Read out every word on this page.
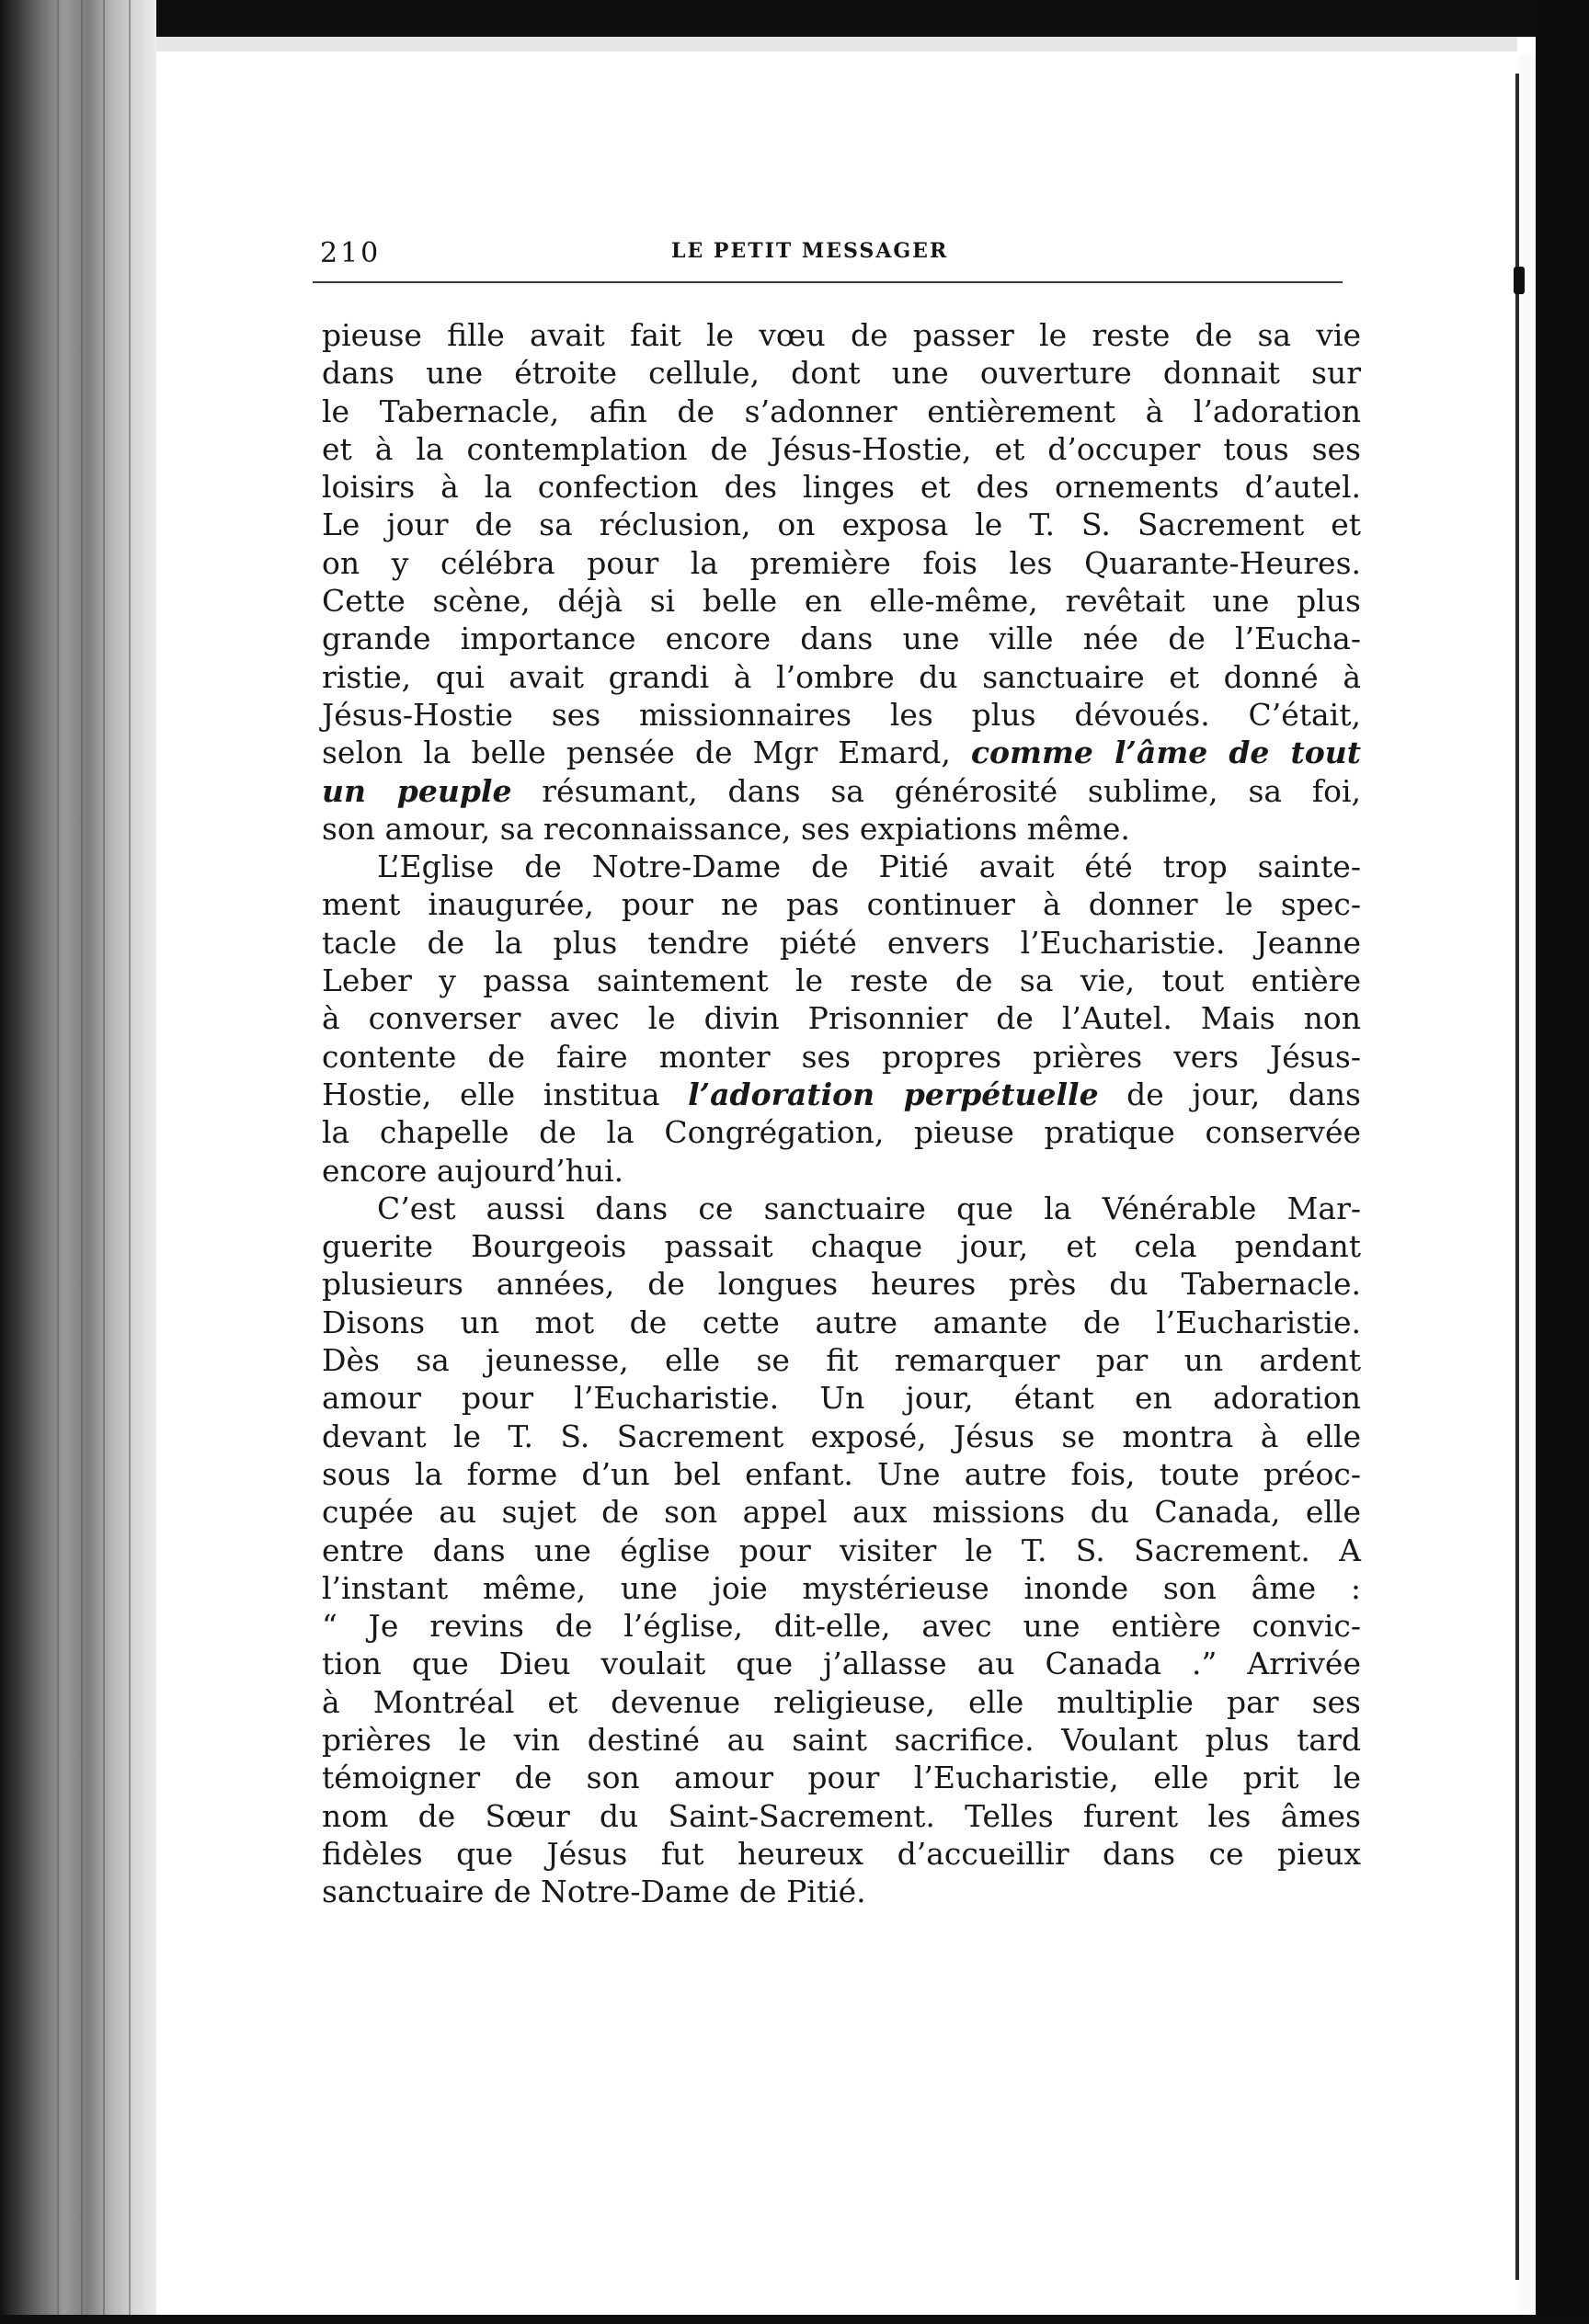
210	LE PETIT MESSAGER
pieuse fille avait fait le vœu de passer le reste de sa vie
dans une étroite cellule, dont une ouverture donnait sur
le Tabernacle, afin de s’adonner entièrement à l’adoration
et à la contemplation de Jésus-Hostie, et d’occuper tous ses
loisirs à la confection des linges et des ornements d’autel.
Le jour de sa réclusion, on exposa le T. S. Sacrement et
on y célébra pour la première fois les Quarante-Heures.
Cette scène, déjà si belle en elle-même, revêtait une plus
grande importance encore dans une ville née de l’Eucha-
ristie, qui avait grandi à l’ombre du sanctuaire et donné à
Jésus-Hostie ses missionnaires les plus dévoués. C’était,
selon la belle pensée de Mgr Emard, comme l’âme de tout
un peuple résumant, dans sa générosité sublime, sa foi,
son amour, sa reconnaissance, ses expiations même.
L’Eglise de Notre-Dame de Pitié avait été trop sainte-
ment inaugurée, pour ne pas continuer à donner le spec-
tacle de la plus tendre piété envers l’Eucharistie. Jeanne
Leber y passa saintement le reste de sa vie, tout entière
à converser avec le divin Prisonnier de l’Autel. Mais non
contente de faire monter ses propres prières vers Jésus-
Hostie, elle institua l’adoration perpétuelle de jour, dans
la chapelle de la Congrégation, pieuse pratique conservée
encore aujourd’hui.
C’est aussi dans ce sanctuaire que la Vénérable Mar-
guerite Bourgeois passait chaque jour, et cela pendant
plusieurs années, de longues heures près du Tabernacle.
Disons un mot de cette autre amante de l’Eucharistie.
Dès sa jeunesse, elle se fit remarquer par un ardent
amour pour l’Eucharistie. Un jour, étant en adoration
devant le T. S. Sacrement exposé, Jésus se montra à elle
sous la forme d’un bel enfant. Une autre fois, toute préoc-
cupée au sujet de son appel aux missions du Canada, elle
entre dans une église pour visiter le T. S. Sacrement. A
l’instant même, une joie mystérieuse inonde son âme :
“ Je revins de l’église, dit-elle, avec une entière convic-
tion que Dieu voulait que j’allasse au Canada .” Arrivée
à Montréal et devenue religieuse, elle multiplie par ses
prières le vin destiné au saint sacrifice. Voulant plus tard
témoigner de son amour pour l’Eucharistie, elle prit le
nom de Sœur du Saint-Sacrement. Telles furent les âmes
fidèles que Jésus fut heureux d’accueillir dans ce pieux
sanctuaire de Notre-Dame de Pitié.
